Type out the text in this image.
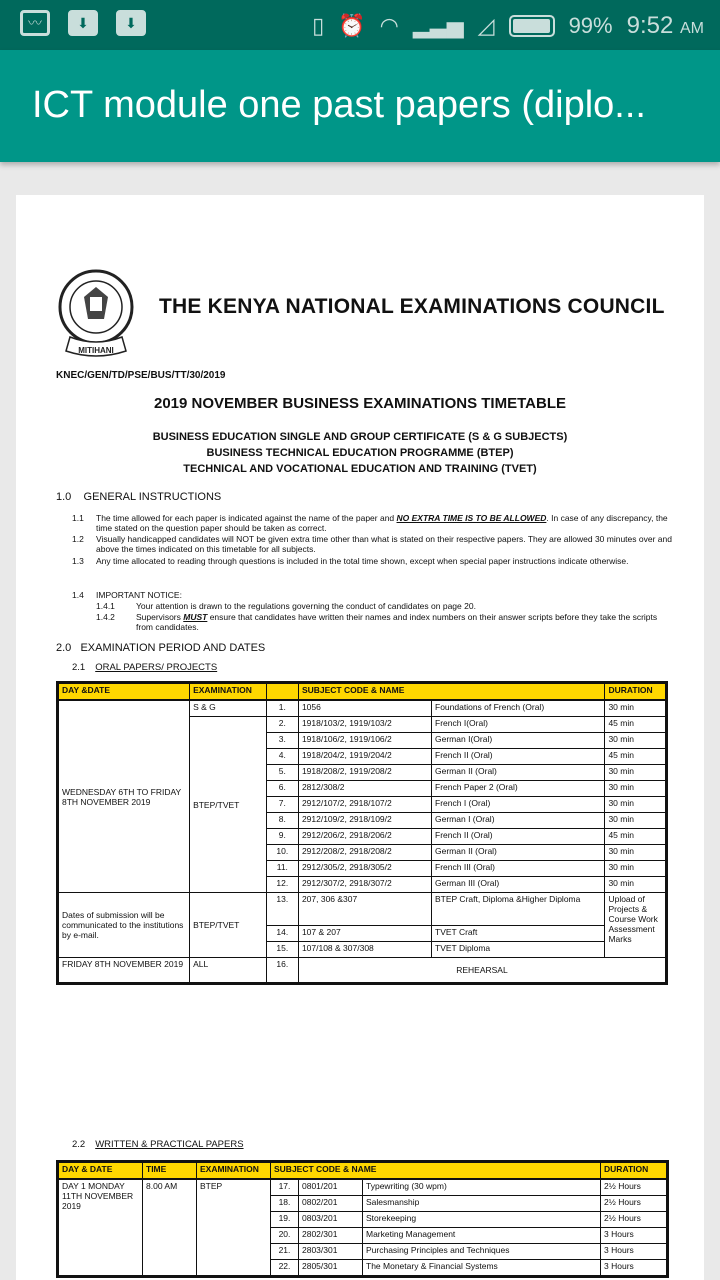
〰	⬇	⬇	▯ ⏰ ◠ ▂▃▅ ◿	99% 9:52 AM
ICT module one past papers (diplo...
MITIHANI
THE KENYA NATIONAL EXAMINATIONS COUNCIL
KNEC/GEN/TD/PSE/BUS/TT/30/2019
2019 NOVEMBER BUSINESS EXAMINATIONS TIMETABLE
BUSINESS EDUCATION SINGLE AND GROUP CERTIFICATE (S & G SUBJECTS)
BUSINESS TECHNICAL EDUCATION PROGRAMME (BTEP)
TECHNICAL AND VOCATIONAL EDUCATION AND TRAINING (TVET)
1.0 GENERAL INSTRUCTIONS
1.1 The time allowed for each paper is indicated against the name of the paper and NO EXTRA TIME IS TO BE ALLOWED. In case of any discrepancy, the time stated on the question paper should be taken as correct.
1.2 Visually handicapped candidates will NOT be given extra time other than what is stated on their respective papers. They are allowed 30 minutes over and above the times indicated on this timetable for all subjects.
1.3 Any time allocated to reading through questions is included in the total time shown, except when special paper instructions indicate otherwise.
1.4 IMPORTANT NOTICE:
1.4.1 Your attention is drawn to the regulations governing the conduct of candidates on page 20.
1.4.2 Supervisors MUST ensure that candidates have written their names and index numbers on their answer scripts before they take the scripts from candidates.
2.0 EXAMINATION PERIOD AND DATES
2.1 ORAL PAPERS/ PROJECTS
DAY &DATE	EXAMINATION		SUBJECT CODE & NAME		DURATION
WEDNESDAY 6TH TO FRIDAY 8TH NOVEMBER 2019	S & G	1.	1056	Foundations of French (Oral)	30 min
	BTEP/TVET	2.	1918/103/2, 1919/103/2	French I(Oral)	45 min
		3.	1918/106/2, 1919/106/2	German I(Oral)	30 min
		4.	1918/204/2, 1919/204/2	French II (Oral)	45 min
		5.	1918/208/2, 1919/208/2	German II (Oral)	30 min
		6.	2812/308/2	French Paper 2 (Oral)	30 min
		7.	2912/107/2, 2918/107/2	French I (Oral)	30 min
		8.	2912/109/2, 2918/109/2	German I (Oral)	30 min
		9.	2912/206/2, 2918/206/2	French II (Oral)	45 min
		10.	2912/208/2, 2918/208/2	German II (Oral)	30 min
		11.	2912/305/2, 2918/305/2	French III (Oral)	30 min
		12.	2912/307/2, 2918/307/2	German III (Oral)	30 min
Dates of submission will be communicated to the institutions by e-mail.	BTEP/TVET	13.	207, 306 &307	BTEP Craft, Diploma &Higher Diploma	Upload of Projects & Course Work Assessment Marks
		14.	107 & 207	TVET Craft	
		15.	107/108 & 307/308	TVET Diploma	
FRIDAY 8TH NOVEMBER 2019	ALL	16.	REHEARSAL		
2.2 WRITTEN & PRACTICAL PAPERS
DAY & DATE	TIME	EXAMINATION	SUBJECT CODE & NAME			DURATION
DAY 1 MONDAY 11TH NOVEMBER 2019	8.00 AM	BTEP	17.	0801/201	Typewriting (30 wpm)	2½ Hours
			18.	0802/201	Salesmanship	2½ Hours
			19.	0803/201	Storekeeping	2½ Hours
			20.	2802/301	Marketing Management	3 Hours
			21.	2803/301	Purchasing Principles and Techniques	3 Hours
			22.	2805/301	The Monetary & Financial Systems	3 Hours
